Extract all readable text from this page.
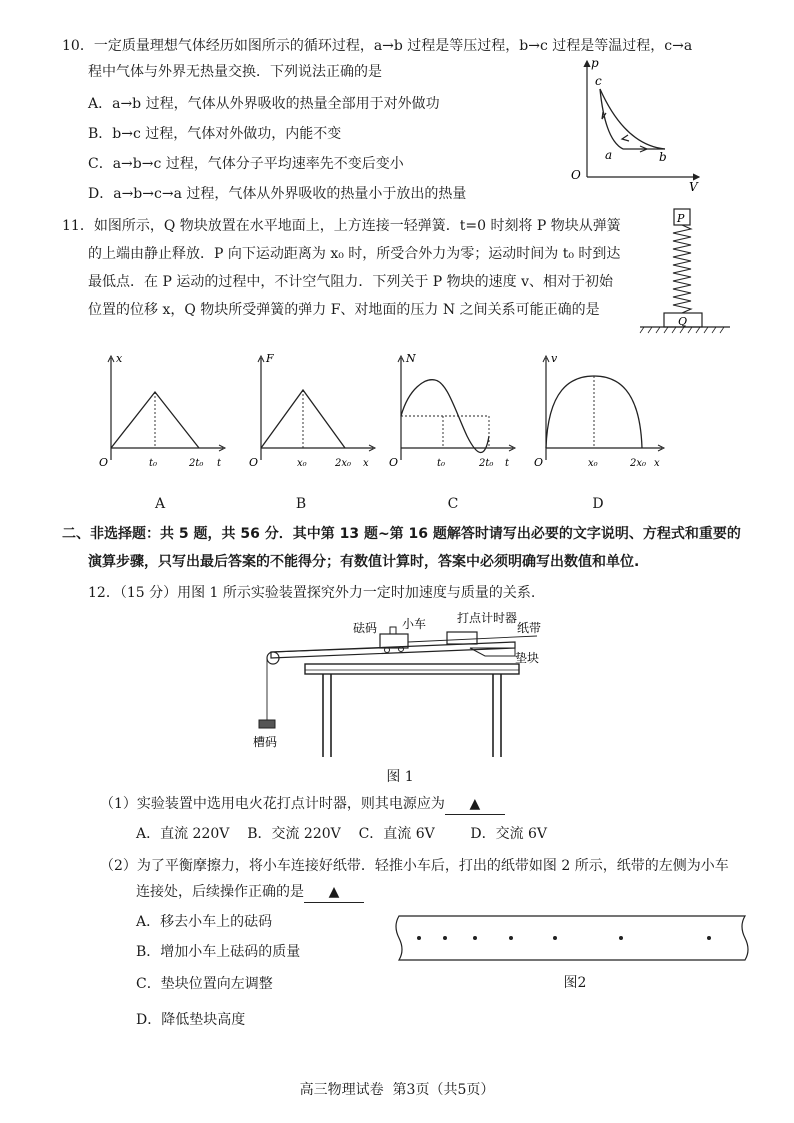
10．一定质量理想气体经历如图所示的循环过程，a→b 过程是等压过程，b→c 过程是等温过程，c→a
程中气体与外界无热量交换．下列说法正确的是
A．a→b 过程，气体从外界吸收的热量全部用于对外做功
B．b→c 过程，气体对外做功，内能不变
C．a→b→c 过程，气体分子平均速率先不变后变小
D．a→b→c→a 过程，气体从外界吸收的热量小于放出的热量
p
V
O
c
a	b
11．如图所示，Q 物块放置在水平地面上，上方连接一轻弹簧．t=0 时刻将 P 物块从弹簧
的上端由静止释放．P 向下运动距离为 x₀ 时，所受合外力为零；运动时间为 t₀ 时到达
最低点．在 P 运动的过程中，不计空气阻力．下列关于 P 物块的速度 v、相对于初始
位置的位移 x，Q 物块所受弹簧的弹力 F、对地面的压力 N 之间关系可能正确的是
P
Q
x
O	t₀	2t₀ t
F
O	x₀	2x₀ x
N
O	t₀	2t₀ t
v
O	x₀	2x₀ x
A	B	C	D
二、非选择题：共 5 题，共 56 分．其中第 13 题~第 16 题解答时请写出必要的文字说明、方程式和重要的
演算步骤，只写出最后答案的不能得分；有数值计算时，答案中必须明确写出数值和单位.
12．（15 分）用图 1 所示实验装置探究外力一定时加速度与质量的关系.
砝码 小车	打点计时器
纸带
垫块
槽码
图 1
（1）实验装置中选用电火花打点计时器，则其电源应为 ▲
A．直流 220V    B．交流 220V    C．直流 6V        D．交流 6V
（2）为了平衡摩擦力，将小车连接好纸带．轻推小车后，打出的纸带如图 2 所示，纸带的左侧为小车
连接处，后续操作正确的是 ▲
A．移去小车上的砝码
B．增加小车上砝码的质量
C．垫块位置向左调整
D．降低垫块高度
图2
高三物理试卷  第3页（共5页）
